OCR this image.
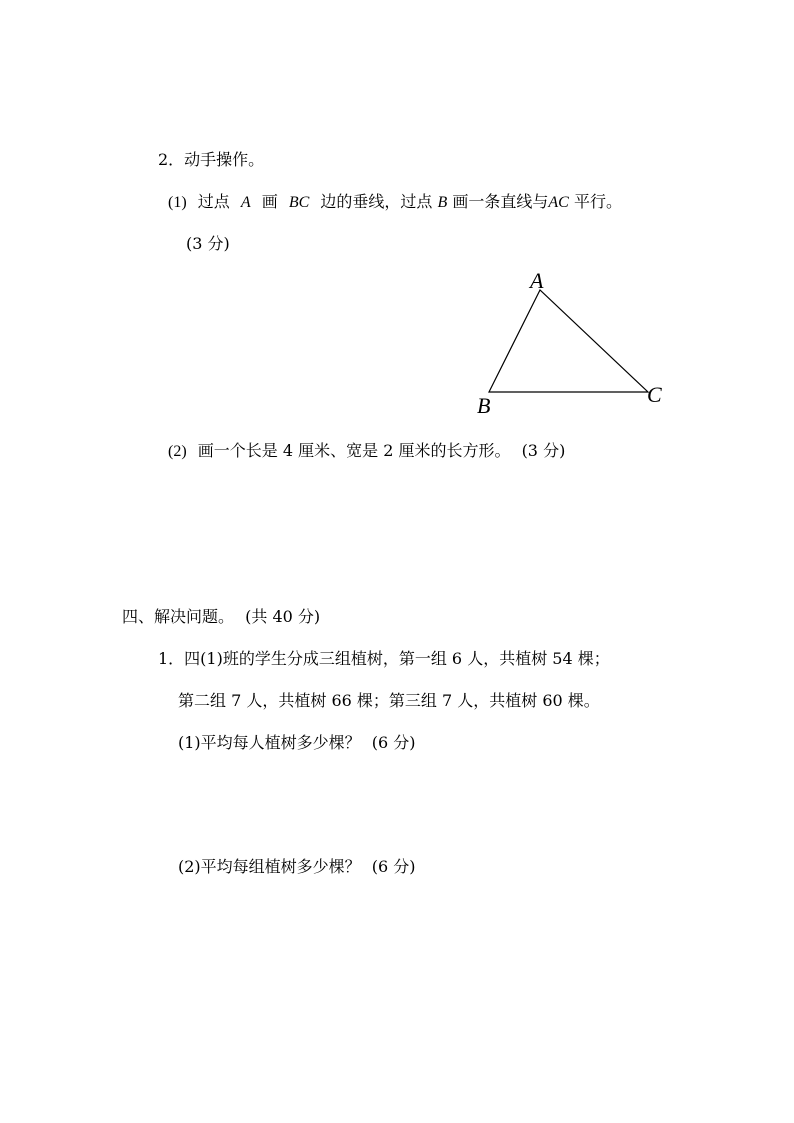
2．动手操作。
(1) 过点 A 画 BC 边的垂线，过点 B 画一条直线与AC 平行。
(3 分)
A
B	C
(2) 画一个长是 4 厘米、宽是 2 厘米的长方形。 (3 分)
四、解决问题。 (共 40 分)
1．四(1)班的学生分成三组植树，第一组 6 人，共植树 54 棵；
第二组 7 人，共植树 66 棵；第三组 7 人，共植树 60 棵。
(1)平均每人植树多少棵？ (6 分)
(2)平均每组植树多少棵？ (6 分)
